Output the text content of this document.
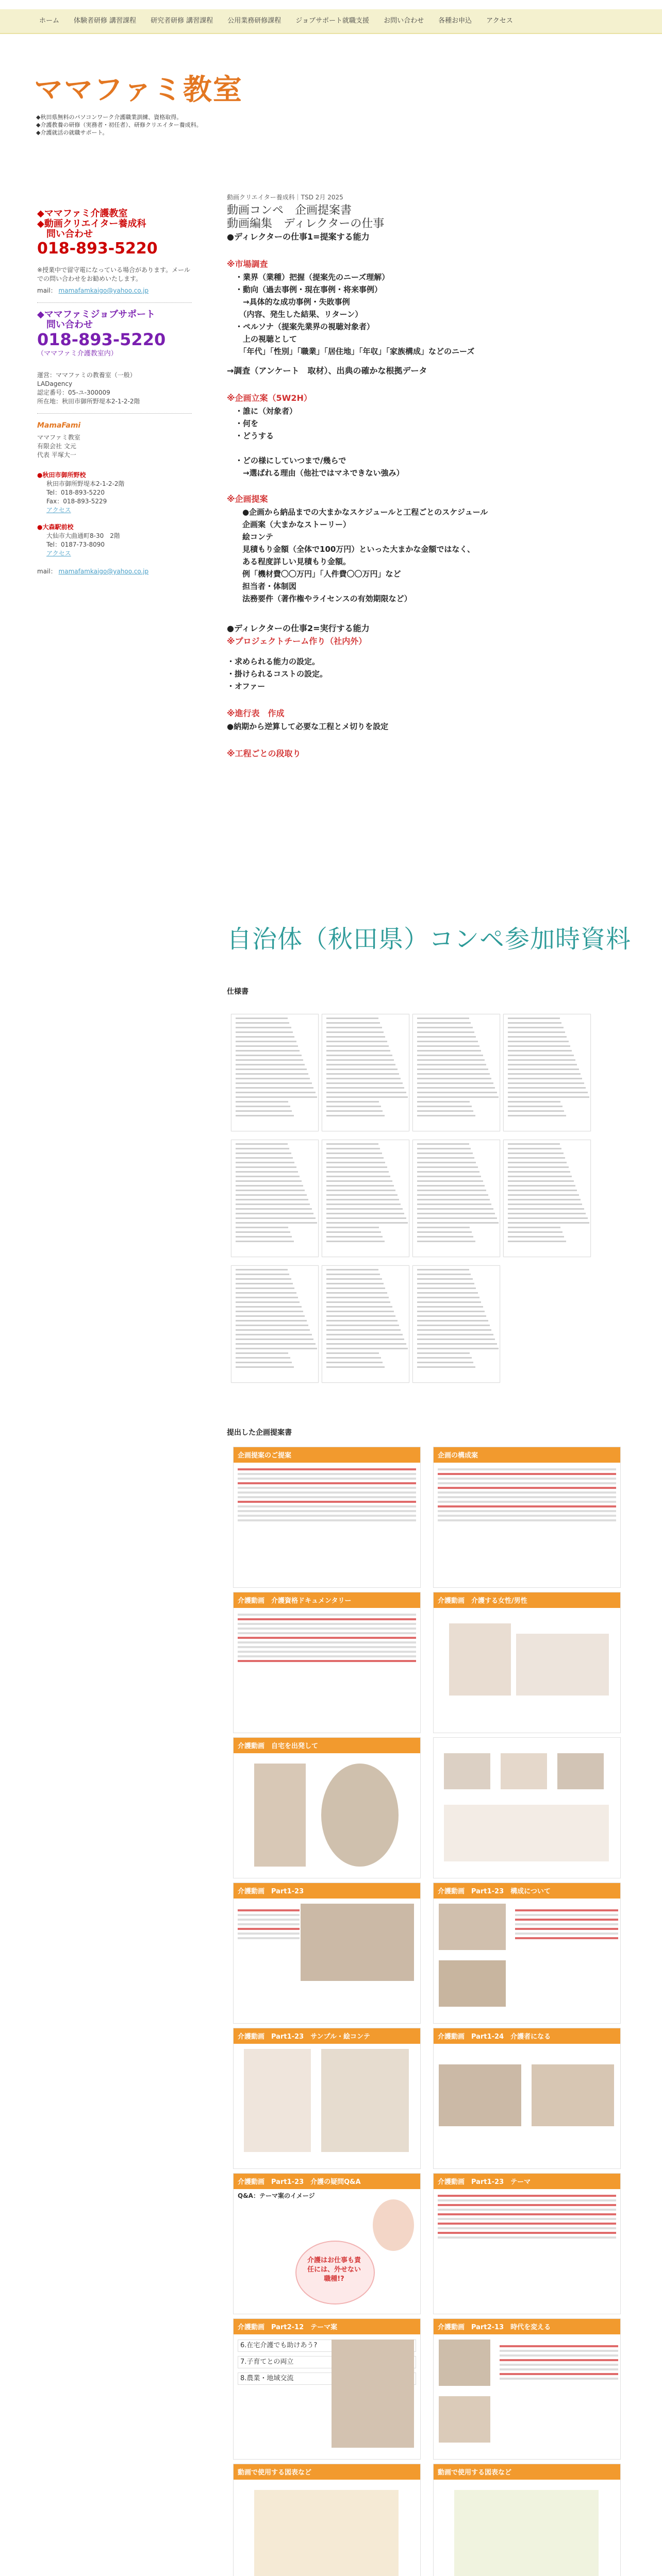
ホーム	体験者研修 講習課程	研究者研修 講習課程	公用業務研修課程	ジョブサポート就職支援	お問い合わせ	各種お申込	アクセス
ママファミ教室
◆秋田県無料のパソコンワーク介護職業訓練、資格取得。
◆介護教養の研修（実務者・初任者）、研修クリエイター養成科。
◆介護就活の就職サポート。
◆ママファミ介護教室
◆動画クリエイター養成科
問い合わせ
018-893-5220
※授業中で留守電になっている場合があります。メールでの問い合わせをお勧めいたします。
mail： mamafamkaigo@yahoo.co.jp
◆ママファミジョブサポート
問い合わせ
018-893-5220
（ママファミ介護教室内）
運営：ママファミの教養室（一般）
LADagency
認定番号：05-ユ-300009
所在地：秋田市御所野堤本2-1-2-2階
MamaFami
ママファミ教室
有限会社 文元
代表 平塚大一
●秋田市御所野校
秋田市御所野堤本2-1-2-2階
Tel：018-893-5220
Fax：018-893-5229
アクセス
●大森駅前校
大仙市大曲通町8-30　2階
Tel：0187-73-8090
アクセス
mail： mamafamkaigo@yahoo.co.jp
動画クリエイター養成科｜TSD 2月 2025
動画コンペ　企画提案書
動画編集　ディレクターの仕事
●ディレクターの仕事1=提案する能力
※市場調査
・業界（業種）把握（提案先のニーズ理解）
・動向（過去事例・現在事例・将来事例）
　→具体的な成功事例・失敗事例
　（内容、発生した結果、リターン）
・ペルソナ（提案先業界の視聴対象者）
　上の視聴として
　「年代」「性別」「職業」「居住地」「年収」「家族構成」などのニーズ
→調査（アンケート　取材）、出典の確かな根拠データ
※企画立案（5W2H）
・誰に（対象者）
・何を
・どうする

・どの様にしていつまで/幾らで
　→選ばれる理由（他社ではマネできない強み）
※企画提案
●企画から納品までの大まかなスケジュールと工程ごとのスケジュール
企画案（大まかなストーリー）
絵コンテ
見積もり金額（全体で100万円）といった大まかな金額ではなく、
ある程度詳しい見積もり金額。
例「機材費〇〇万円」「人件費〇〇万円」など
担当者・体制図
法務要件（著作権やライセンスの有効期限など）
●ディレクターの仕事2=実行する能力
※プロジェクトチーム作り（社内外）
・求められる能力の設定。
・掛けられるコストの設定。
・オファー
※進行表　作成
●納期から逆算して必要な工程とメ切りを設定
※工程ごとの段取り
自治体（秋田県）コンペ参加時資料
仕様書
提出した企画提案書
企画提案のご提案	企画の構成案
介護動画　介護資格ドキュメンタリー	介護動画　介護する女性/男性
介護動画　自宅を出発して
介護動画　Part1-23	介護動画　Part1-23　構成について
介護動画　Part1-23　サンプル・絵コンテ	介護動画　Part1-24　介護者になる
介護動画　Part1-23　介護の疑問Q&A
Q&A：テーマ案のイメージ
介護はお仕事も責任には、外せない職種!?
介護動画　Part1-23　テーマ
介護動画　Part2-12　テーマ案
6.在宅介護でも助けあう?
7.子育てとの両立
8.農業・地域交流
介護動画　Part2-13　時代を変える
動画で使用する図表など	動画で使用する図表など
